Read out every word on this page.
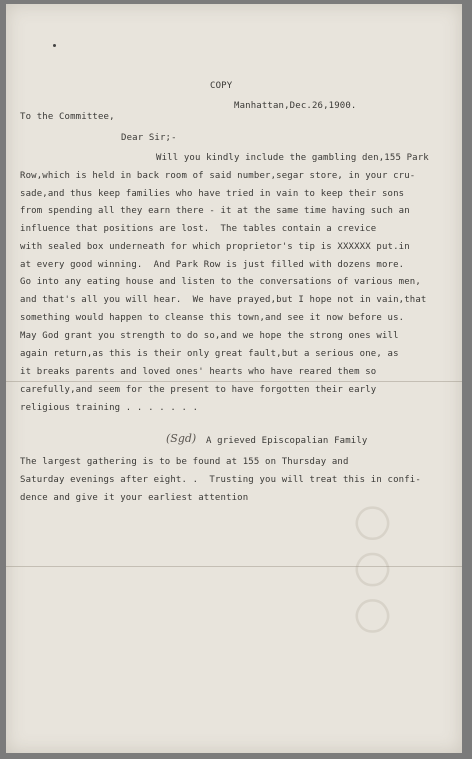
○○○
COPY
Manhattan,Dec.26,1900.
To the Committee,
Dear Sir;-
Will you kindly include the gambling den,155 Park
Row,which is held in back room of said number,segar store, in your cru-
sade,and thus keep families who have tried in vain to keep their sons
from spending all they earn there - it at the same time having such an
influence that positions are lost.  The tables contain a crevice
with sealed box underneath for which proprietor's tip is XXXXXX put.in
at every good winning.  And Park Row is just filled with dozens more.
Go into any eating house and listen to the conversations of various men,
and that's all you will hear.  We have prayed,but I hope not in vain,that
something would happen to cleanse this town,and see it now before us.
May God grant you strength to do so,and we hope the strong ones will
again return,as this is their only great fault,but a serious one, as
it breaks parents and loved ones' hearts who have reared them so
carefully,and seem for the present to have forgotten their early
religious training . . . . . . .
(Sgd) A grieved Episcopalian Family
The largest gathering is to be found at 155 on Thursday and
Saturday evenings after eight. .  Trusting you will treat this in confi-
dence and give it your earliest attention
